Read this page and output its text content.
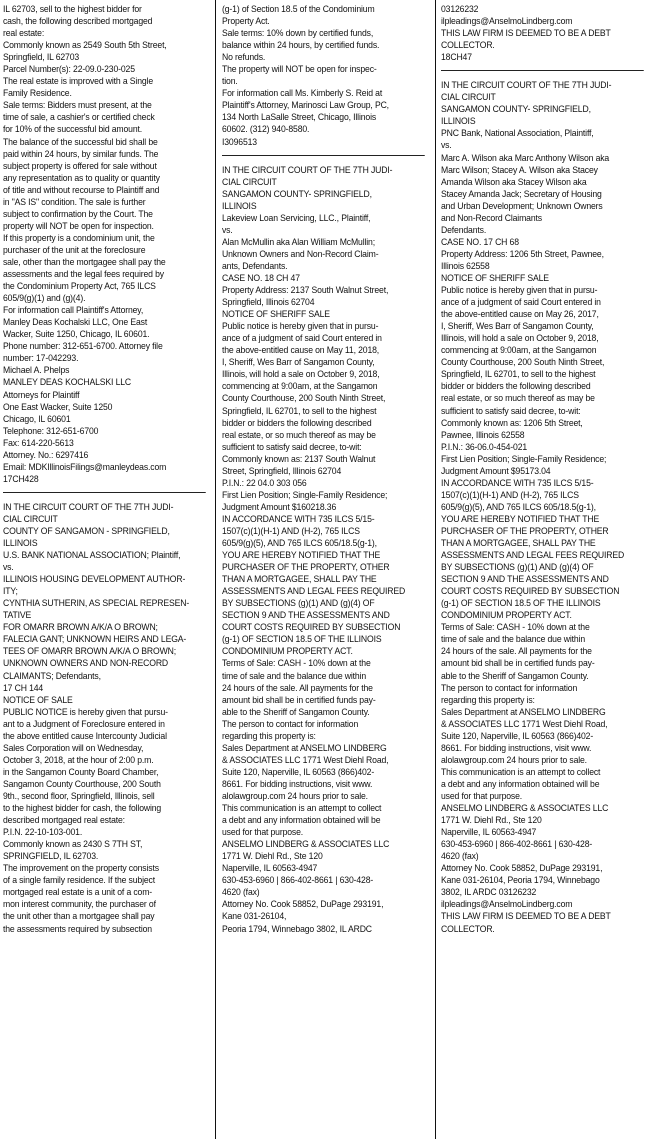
IL 62703, sell to the highest bidder for
cash, the following described mortgaged
real estate:
Commonly known as 2549 South 5th Street,
Springfield, IL 62703
Parcel Number(s): 22-09.0-230-025
The real estate is improved with a Single
Family Residence.
Sale terms: Bidders must present, at the
time of sale, a cashier's or certified check
for 10% of the successful bid amount.
The balance of the successful bid shall be
paid within 24 hours, by similar funds. The
subject property is offered for sale without
any representation as to quality or quantity
of title and without recourse to Plaintiff and
in "AS IS" condition. The sale is further
subject to confirmation by the Court. The
property will NOT be open for inspection.
If this property is a condominium unit, the
purchaser of the unit at the foreclosure
sale, other than the mortgagee shall pay the
assessments and the legal fees required by
the Condominium Property Act, 765 ILCS
605/9(g)(1) and (g)(4).
For information call Plaintiff's Attorney,
Manley Deas Kochalski LLC, One East
Wacker, Suite 1250, Chicago, IL 60601.
Phone number: 312-651-6700. Attorney file
number: 17-042293.
Michael A. Phelps
MANLEY DEAS KOCHALSKI LLC
Attorneys for Plaintiff
One East Wacker, Suite 1250
Chicago, IL 60601
Telephone: 312-651-6700
Fax: 614-220-5613
Attorney. No.: 6297416
Email: MDKIllinoisFilings@manleydeas.com
17CH428
IN THE CIRCUIT COURT OF THE 7TH JUDI-
CIAL CIRCUIT
COUNTY OF SANGAMON - SPRINGFIELD,
ILLINOIS
U.S. BANK NATIONAL ASSOCIATION; Plaintiff,
vs.
ILLINOIS HOUSING DEVELOPMENT AUTHOR-
ITY;
CYNTHIA SUTHERIN, AS SPECIAL REPRESEN-
TATIVE
FOR OMARR BROWN A/K/A O BROWN;
FALECIA GANT; UNKNOWN HEIRS AND LEGA-
TEES OF OMARR BROWN A/K/A O BROWN;
UNKNOWN OWNERS AND NON-RECORD
CLAIMANTS; Defendants,
17 CH 144
NOTICE OF SALE
PUBLIC NOTICE is hereby given that pursu-
ant to a Judgment of Foreclosure entered in
the above entitled cause Intercounty Judicial
Sales Corporation will on Wednesday,
October 3, 2018, at the hour of 2:00 p.m.
in the Sangamon County Board Chamber,
Sangamon County Courthouse, 200 South
9th., second floor, Springfield, Illinois, sell
to the highest bidder for cash, the following
described mortgaged real estate:
P.I.N. 22-10-103-001.
Commonly known as 2430 S 7TH ST,
SPRINGFIELD, IL 62703.
The improvement on the property consists
of a single family residence. If the subject
mortgaged real estate is a unit of a com-
mon interest community, the purchaser of
the unit other than a mortgagee shall pay
the assessments required by subsection
(g-1) of Section 18.5 of the Condominium
Property Act.
Sale terms: 10% down by certified funds,
balance within 24 hours, by certified funds.
No refunds.
The property will NOT be open for inspec-
tion.
For information call Ms. Kimberly S. Reid at
Plaintiff's Attorney, Marinosci Law Group, PC,
134 North LaSalle Street, Chicago, Illinois
60602. (312) 940-8580.
I3096513
IN THE CIRCUIT COURT OF THE 7TH JUDI-
CIAL CIRCUIT
SANGAMON COUNTY- SPRINGFIELD,
ILLINOIS
Lakeview Loan Servicing, LLC., Plaintiff,
vs.
Alan McMullin aka Alan William McMullin;
Unknown Owners and Non-Record Claim-
ants, Defendants.
CASE NO. 18 CH 47
Property Address: 2137 South Walnut Street,
Springfield, Illinois 62704
NOTICE OF SHERIFF SALE
Public notice is hereby given that in pursu-
ance of a judgment of said Court entered in
the above-entitled cause on May 11, 2018,
I, Sheriff, Wes Barr of Sangamon County,
Illinois, will hold a sale on October 9, 2018,
commencing at 9:00am, at the Sangamon
County Courthouse, 200 South Ninth Street,
Springfield, IL 62701, to sell to the highest
bidder or bidders the following described
real estate, or so much thereof as may be
sufficient to satisfy said decree, to-wit:
Commonly known as: 2137 South Walnut
Street, Springfield, Illinois 62704
P.I.N.: 22 04.0 303 056
First Lien Position; Single-Family Residence;
Judgment Amount $160218.36
IN ACCORDANCE WITH 735 ILCS 5/15-
1507(c)(1)(H-1) AND (H-2), 765 ILCS
605/9(g)(5), AND 765 ILCS 605/18.5(g-1),
YOU ARE HEREBY NOTIFIED THAT THE
PURCHASER OF THE PROPERTY, OTHER
THAN A MORTGAGEE, SHALL PAY THE
ASSESSMENTS AND LEGAL FEES REQUIRED
BY SUBSECTIONS (g)(1) AND (g)(4) OF
SECTION 9 AND THE ASSESSMENTS AND
COURT COSTS REQUIRED BY SUBSECTION
(g-1) OF SECTION 18.5 OF THE ILLINOIS
CONDOMINIUM PROPERTY ACT.
Terms of Sale: CASH - 10% down at the
time of sale and the balance due within
24 hours of the sale. All payments for the
amount bid shall be in certified funds pay-
able to the Sheriff of Sangamon County.
The person to contact for information
regarding this property is:
Sales Department at ANSELMO LINDBERG
& ASSOCIATES LLC 1771 West Diehl Road,
Suite 120, Naperville, IL 60563 (866)402-
8661. For bidding instructions, visit www.
alolawgroup.com 24 hours prior to sale.
This communication is an attempt to collect
a debt and any information obtained will be
used for that purpose.
ANSELMO LINDBERG & ASSOCIATES LLC
1771 W. Diehl Rd., Ste 120
Naperville, IL 60563-4947
630-453-6960 | 866-402-8661 | 630-428-
4620 (fax)
Attorney No. Cook 58852, DuPage 293191,
Kane 031-26104,
Peoria 1794, Winnebago 3802, IL ARDC
03126232
ilpleadings@AnselmoLindberg.com
THIS LAW FIRM IS DEEMED TO BE A DEBT
COLLECTOR.
18CH47
IN THE CIRCUIT COURT OF THE 7TH JUDI-
CIAL CIRCUIT
SANGAMON COUNTY- SPRINGFIELD,
ILLINOIS
PNC Bank, National Association, Plaintiff,
vs.
Marc A. Wilson aka Marc Anthony Wilson aka
Marc Wilson; Stacey A. Wilson aka Stacey
Amanda Wilson aka Stacey Wilson aka
Stacey Amanda Jack; Secretary of Housing
and Urban Development; Unknown Owners
and Non-Record Claimants
Defendants.
CASE NO. 17 CH 68
Property Address: 1206 5th Street, Pawnee,
Illinois 62558
NOTICE OF SHERIFF SALE
Public notice is hereby given that in pursu-
ance of a judgment of said Court entered in
the above-entitled cause on May 26, 2017,
I, Sheriff, Wes Barr of Sangamon County,
Illinois, will hold a sale on October 9, 2018,
commencing at 9:00am, at the Sangamon
County Courthouse, 200 South Ninth Street,
Springfield, IL 62701, to sell to the highest
bidder or bidders the following described
real estate, or so much thereof as may be
sufficient to satisfy said decree, to-wit:
Commonly known as: 1206 5th Street,
Pawnee, Illinois 62558
P.I.N.: 36-06.0-454-021
First Lien Position; Single-Family Residence;
Judgment Amount $95173.04
IN ACCORDANCE WITH 735 ILCS 5/15-
1507(c)(1)(H-1) AND (H-2), 765 ILCS
605/9(g)(5), AND 765 ILCS 605/18.5(g-1),
YOU ARE HEREBY NOTIFIED THAT THE
PURCHASER OF THE PROPERTY, OTHER
THAN A MORTGAGEE, SHALL PAY THE
ASSESSMENTS AND LEGAL FEES REQUIRED
BY SUBSECTIONS (g)(1) AND (g)(4) OF
SECTION 9 AND THE ASSESSMENTS AND
COURT COSTS REQUIRED BY SUBSECTION
(g-1) OF SECTION 18.5 OF THE ILLINOIS
CONDOMINIUM PROPERTY ACT.
Terms of Sale: CASH - 10% down at the
time of sale and the balance due within
24 hours of the sale. All payments for the
amount bid shall be in certified funds pay-
able to the Sheriff of Sangamon County.
The person to contact for information
regarding this property is:
Sales Department at ANSELMO LINDBERG
& ASSOCIATES LLC 1771 West Diehl Road,
Suite 120, Naperville, IL 60563 (866)402-
8661. For bidding instructions, visit www.
alolawgroup.com 24 hours prior to sale.
This communication is an attempt to collect
a debt and any information obtained will be
used for that purpose.
ANSELMO LINDBERG & ASSOCIATES LLC
1771 W. Diehl Rd., Ste 120
Naperville, IL 60563-4947
630-453-6960 | 866-402-8661 | 630-428-
4620 (fax)
Attorney No. Cook 58852, DuPage 293191,
Kane 031-26104, Peoria 1794, Winnebago
3802, IL ARDC 03126232
ilpleadings@AnselmoLindberg.com
THIS LAW FIRM IS DEEMED TO BE A DEBT
COLLECTOR.
